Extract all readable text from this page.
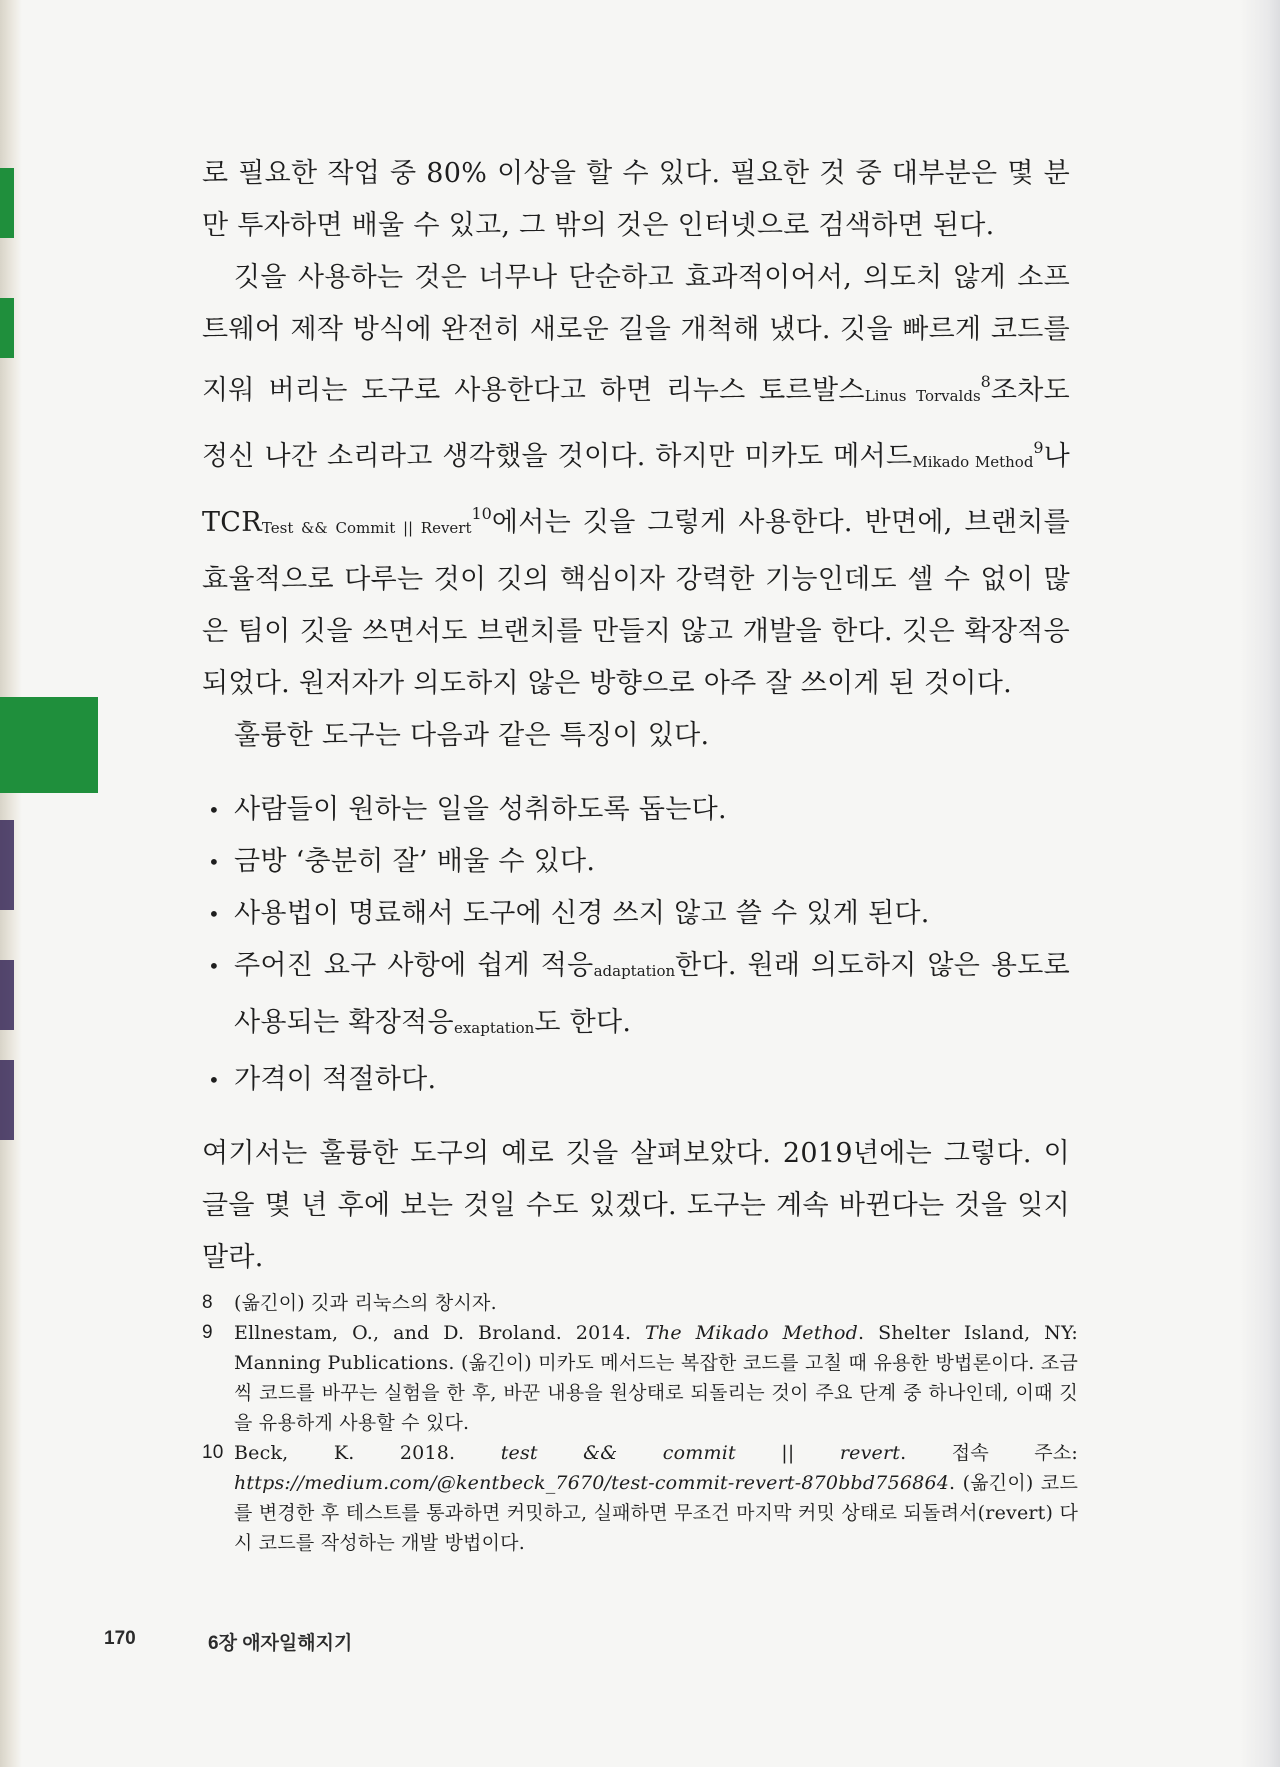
로 필요한 작업 중 80% 이상을 할 수 있다. 필요한 것 중 대부분은 몇 분만 투자하면 배울 수 있고, 그 밖의 것은 인터넷으로 검색하면 된다.

깃을 사용하는 것은 너무나 단순하고 효과적이어서, 의도치 않게 소프트웨어 제작 방식에 완전히 새로운 길을 개척해 냈다. 깃을 빠르게 코드를 지워 버리는 도구로 사용한다고 하면 리누스 토르발스Linus Torvalds$^8$조차도 정신 나간 소리라고 생각했을 것이다. 하지만 미카도 메서드Mikado Method$^9$나 TCRTest && Commit || Revert$^{10}$에서는 깃을 그렇게 사용한다. 반면에, 브랜치를 효율적으로 다루는 것이 깃의 핵심이자 강력한 기능인데도 셀 수 없이 많은 팀이 깃을 쓰면서도 브랜치를 만들지 않고 개발을 한다. 깃은 확장적응되었다. 원저자가 의도하지 않은 방향으로 아주 잘 쓰이게 된 것이다.

훌륭한 도구는 다음과 같은 특징이 있다.

• 사람들이 원하는 일을 성취하도록 돕는다.
• 금방 ‘충분히 잘’ 배울 수 있다.
• 사용법이 명료해서 도구에 신경 쓰지 않고 쓸 수 있게 된다.
• 주어진 요구 사항에 쉽게 적응adaptation한다. 원래 의도하지 않은 용도로 사용되는 확장적응exaptation도 한다.
• 가격이 적절하다.

여기서는 훌륭한 도구의 예로 깃을 살펴보았다. 2019년에는 그렇다. 이 글을 몇 년 후에 보는 것일 수도 있겠다. 도구는 계속 바뀐다는 것을 잊지 말라.

8 (옮긴이) 깃과 리눅스의 창시자.
9 Ellnestam, O., and D. Broland. 2014. The Mikado Method. Shelter Island, NY: Manning Publications. (옮긴이) 미카도 메서드는 복잡한 코드를 고칠 때 유용한 방법론이다. 조금씩 코드를 바꾸는 실험을 한 후, 바꾼 내용을 원상태로 되돌리는 것이 주요 단계 중 하나인데, 이때 깃을 유용하게 사용할 수 있다.
10 Beck, K. 2018. test && commit || revert. 접속 주소: https://medium.com/@kentbeck_7670/test-commit-revert-870bbd756864. (옮긴이) 코드를 변경한 후 테스트를 통과하면 커밋하고, 실패하면 무조건 마지막 커밋 상태로 되돌려서(revert) 다시 코드를 작성하는 개발 방법이다.
170	6장 애자일해지기
